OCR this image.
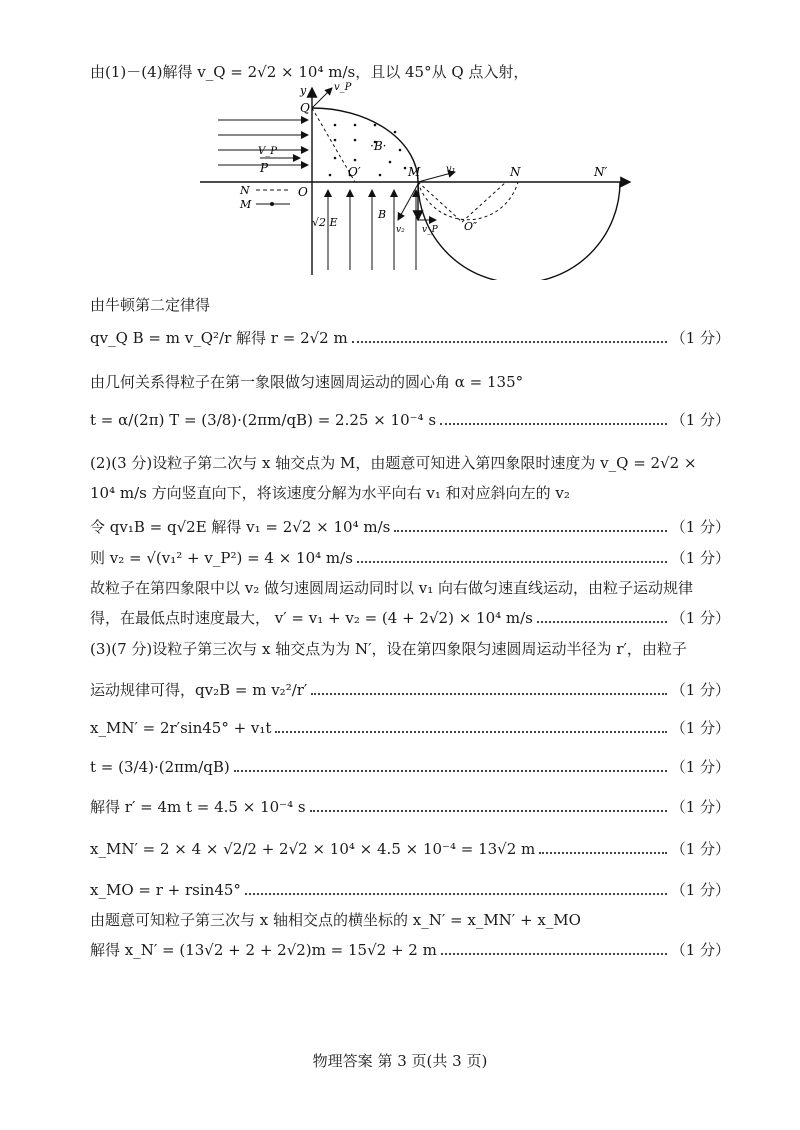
由(1)－(4)解得 v_Q = 2√2 × 10⁴ m/s，且以 45°从 Q 点入射，
y	v_P
Q
·B·
P
V_P
O
O′	M	v₁	N	N′
O″
N
M
√2 E
B
v₂ v_P
由牛顿第二定律得
qv_Q B = m v_Q²/r 解得 r = 2√2 m	（1 分）
由几何关系得粒子在第一象限做匀速圆周运动的圆心角 α = 135°
t = α/(2π) T = (3/8)·(2πm/qB) = 2.25 × 10⁻⁴ s	（1 分）
(2)(3 分)设粒子第二次与 x 轴交点为 M，由题意可知进入第四象限时速度为 v_Q = 2√2 ×
10⁴ m/s 方向竖直向下，将该速度分解为水平向右 v₁ 和对应斜向左的 v₂
令 qv₁B = q√2E 解得 v₁ = 2√2 × 10⁴ m/s	（1 分）
则 v₂ = √(v₁² + v_P²) = 4 × 10⁴ m/s	（1 分）
故粒子在第四象限中以 v₂ 做匀速圆周运动同时以 v₁ 向右做匀速直线运动，由粒子运动规律
得，在最低点时速度最大， v′ = v₁ + v₂ = (4 + 2√2) × 10⁴ m/s	（1 分）
(3)(7 分)设粒子第三次与 x 轴交点为为 N′，设在第四象限匀速圆周运动半径为 r′，由粒子
运动规律可得，qv₂B = m v₂²/r′	（1 分）
x_MN′ = 2r′sin45° + v₁t	（1 分）
t = (3/4)·(2πm/qB)	（1 分）
解得 r′ = 4m t = 4.5 × 10⁻⁴ s	（1 分）
x_MN′ = 2 × 4 × √2/2 + 2√2 × 10⁴ × 4.5 × 10⁻⁴ = 13√2 m	（1 分）
x_MO = r + rsin45°	（1 分）
由题意可知粒子第三次与 x 轴相交点的横坐标的 x_N′ = x_MN′ + x_MO
解得 x_N′ = (13√2 + 2 + 2√2)m = 15√2 + 2 m	（1 分）
物理答案 第 3 页(共 3 页)
